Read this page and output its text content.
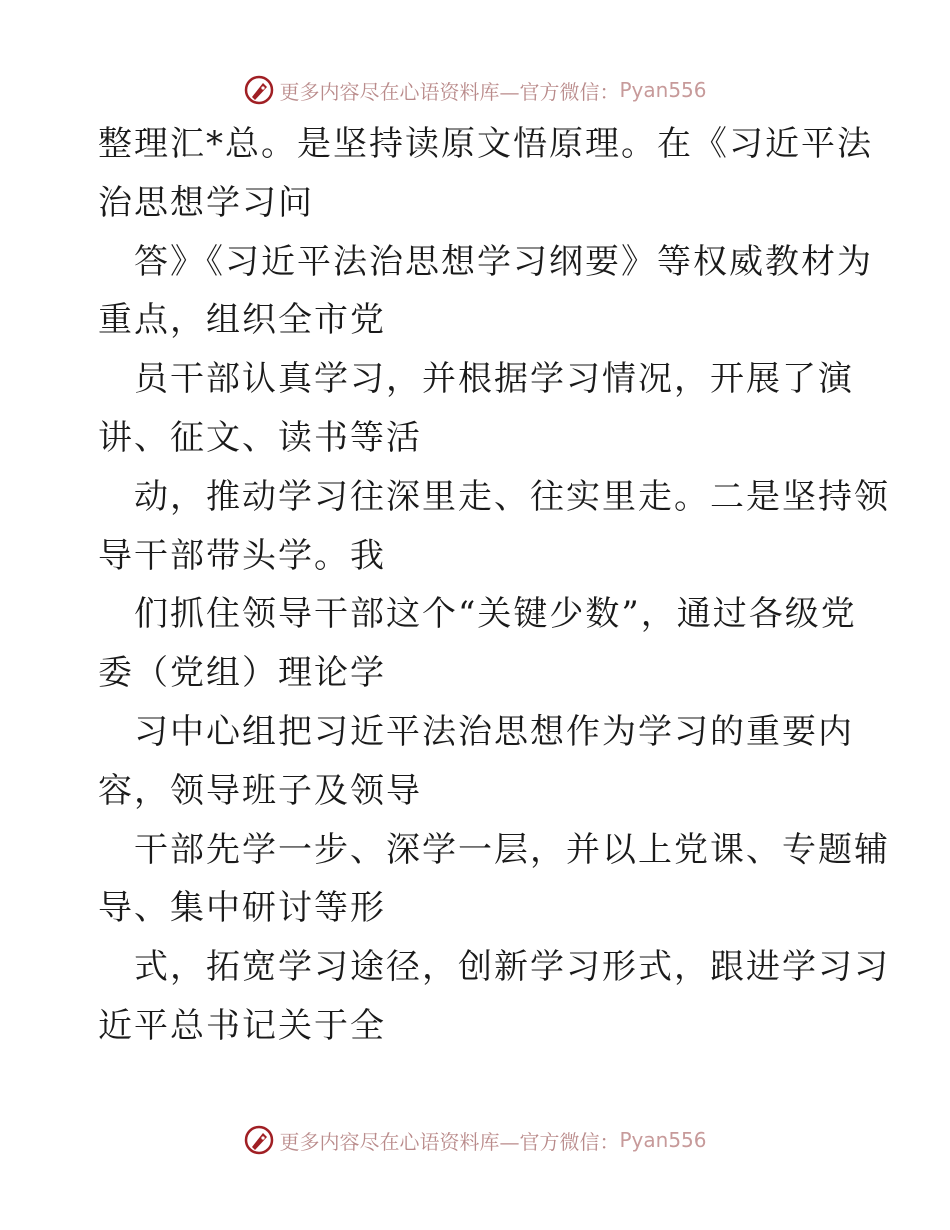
更多内容尽在心语资料库—官方微信： Pyan556
整理汇*总。是坚持读原文悟原理。在《习近平法
治思想学习问
答》《习近平法治思想学习纲要》等权威教材为
重点，组织全市党
员干部认真学习，并根据学习情况，开展了演
讲、征文、读书等活
动，推动学习往深里走、往实里走。二是坚持领
导干部带头学。我
们抓住领导干部这个“关键少数”，通过各级党
委（党组）理论学
习中心组把习近平法治思想作为学习的重要内
容，领导班子及领导
干部先学一步、深学一层，并以上党课、专题辅
导、集中研讨等形
式，拓宽学习途径，创新学习形式，跟进学习习
近平总书记关于全
更多内容尽在心语资料库—官方微信： Pyan556
